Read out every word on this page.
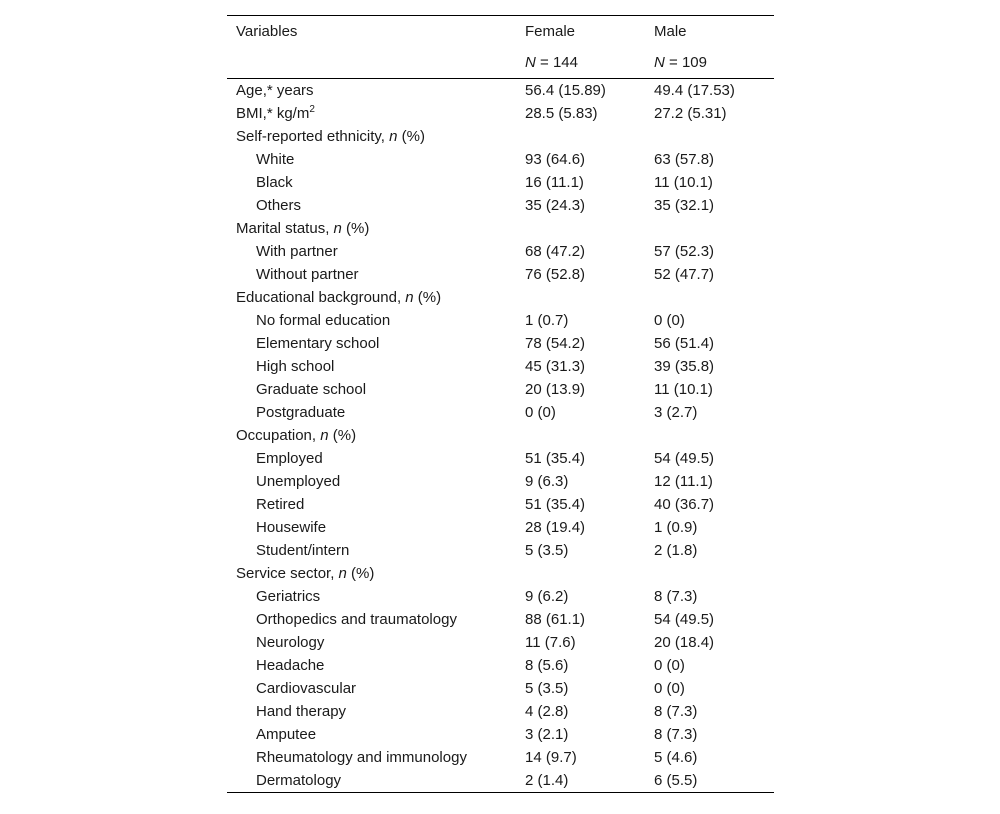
Variables	Female	Male
	N = 144	N = 109
Age,* years	56.4 (15.89)	49.4 (17.53)
BMI,* $kg/m^2$	28.5 (5.83)	27.2 (5.31)
Self-reported ethnicity, n (%)		
White	93 (64.6)	63 (57.8)
Black	16 (11.1)	11 (10.1)
Others	35 (24.3)	35 (32.1)
Marital status, n (%)		
With partner	68 (47.2)	57 (52.3)
Without partner	76 (52.8)	52 (47.7)
Educational background, n (%)		
No formal education	1 (0.7)	0 (0)
Elementary school	78 (54.2)	56 (51.4)
High school	45 (31.3)	39 (35.8)
Graduate school	20 (13.9)	11 (10.1)
Postgraduate	0 (0)	3 (2.7)
Occupation, n (%)		
Employed	51 (35.4)	54 (49.5)
Unemployed	9 (6.3)	12 (11.1)
Retired	51 (35.4)	40 (36.7)
Housewife	28 (19.4)	1 (0.9)
Student/intern	5 (3.5)	2 (1.8)
Service sector, n (%)		
Geriatrics	9 (6.2)	8 (7.3)
Orthopedics and traumatology	88 (61.1)	54 (49.5)
Neurology	11 (7.6)	20 (18.4)
Headache	8 (5.6)	0 (0)
Cardiovascular	5 (3.5)	0 (0)
Hand therapy	4 (2.8)	8 (7.3)
Amputee	3 (2.1)	8 (7.3)
Rheumatology and immunology	14 (9.7)	5 (4.6)
Dermatology	2 (1.4)	6 (5.5)
